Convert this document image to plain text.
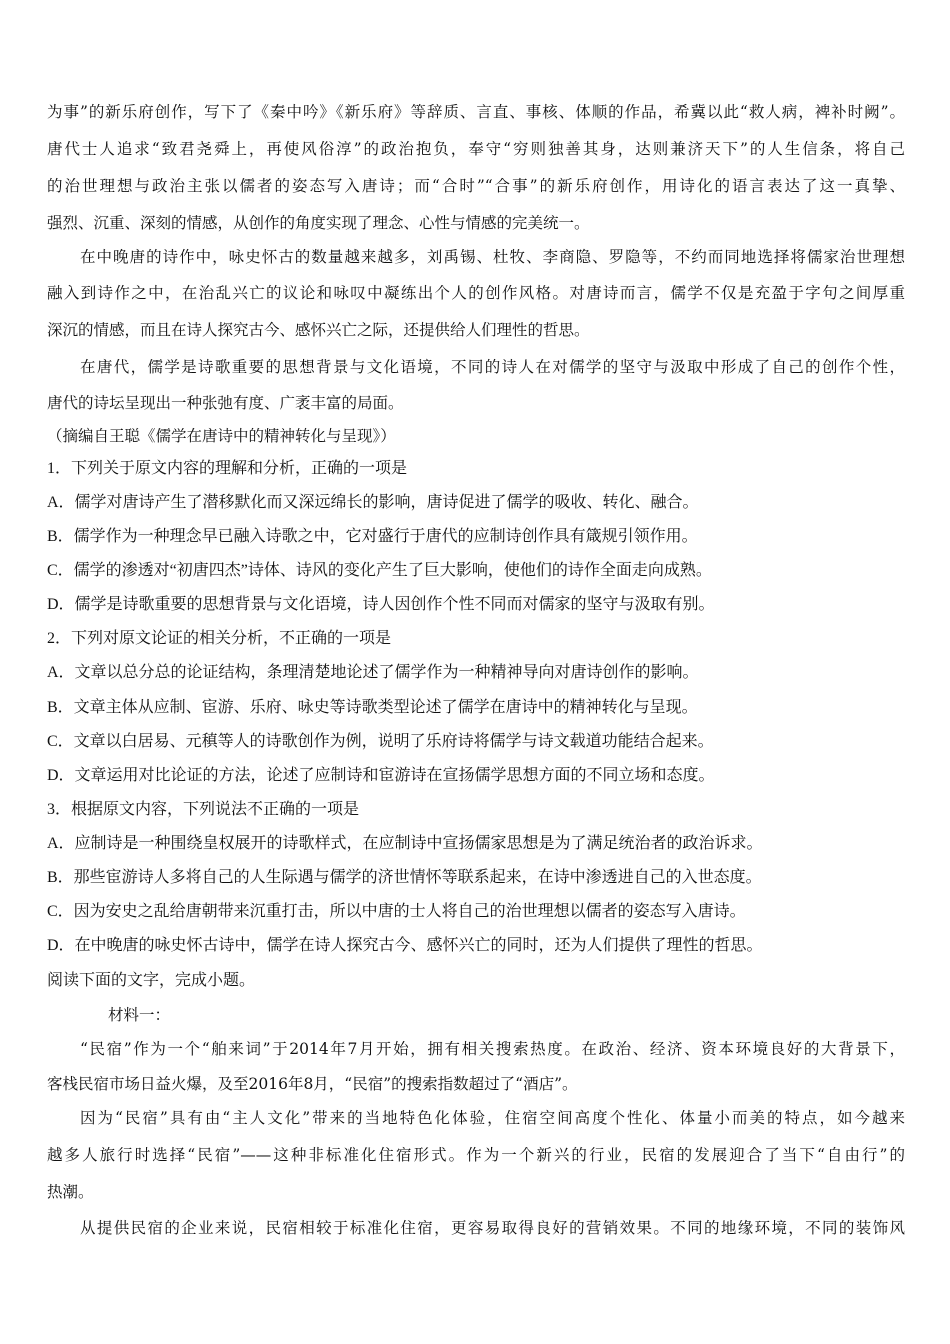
为事”的新乐府创作，写下了《秦中吟》《新乐府》等辞质、言直、事核、体顺的作品，希冀以此“救人病，裨补时阙”。

唐代士人追求“致君尧舜上，再使风俗淳”的政治抱负，奉守“穷则独善其身，达则兼济天下”的人生信条，将自己

的治世理想与政治主张以儒者的姿态写入唐诗；而“合时”“合事”的新乐府创作，用诗化的语言表达了这一真挚、

强烈、沉重、深刻的情感，从创作的角度实现了理念、心性与情感的完美统一。

在中晚唐的诗作中，咏史怀古的数量越来越多，刘禹锡、杜牧、李商隐、罗隐等，不约而同地选择将儒家治世理想

融入到诗作之中，在治乱兴亡的议论和咏叹中凝练出个人的创作风格。对唐诗而言，儒学不仅是充盈于字句之间厚重

深沉的情感，而且在诗人探究古今、感怀兴亡之际，还提供给人们理性的哲思。

在唐代，儒学是诗歌重要的思想背景与文化语境，不同的诗人在对儒学的坚守与汲取中形成了自己的创作个性，

唐代的诗坛呈现出一种张弛有度、广袤丰富的局面。

（摘编自王聪《儒学在唐诗中的精神转化与呈现》）

1．下列关于原文内容的理解和分析，正确的一项是

A．儒学对唐诗产生了潜移默化而又深远绵长的影响，唐诗促进了儒学的吸收、转化、融合。

B．儒学作为一种理念早已融入诗歌之中，它对盛行于唐代的应制诗创作具有箴规引领作用。

C．儒学的渗透对“初唐四杰”诗体、诗风的变化产生了巨大影响，使他们的诗作全面走向成熟。

D．儒学是诗歌重要的思想背景与文化语境，诗人因创作个性不同而对儒家的坚守与汲取有别。

2．下列对原文论证的相关分析，不正确的一项是

A．文章以总分总的论证结构，条理清楚地论述了儒学作为一种精神导向对唐诗创作的影响。

B．文章主体从应制、宦游、乐府、咏史等诗歌类型论述了儒学在唐诗中的精神转化与呈现。

C．文章以白居易、元稹等人的诗歌创作为例，说明了乐府诗将儒学与诗文载道功能结合起来。

D．文章运用对比论证的方法，论述了应制诗和宦游诗在宣扬儒学思想方面的不同立场和态度。

3．根据原文内容，下列说法不正确的一项是

A．应制诗是一种围绕皇权展开的诗歌样式，在应制诗中宣扬儒家思想是为了满足统治者的政治诉求。

B．那些宦游诗人多将自己的人生际遇与儒学的济世情怀等联系起来，在诗中渗透进自己的入世态度。

C．因为安史之乱给唐朝带来沉重打击，所以中唐的士人将自己的治世理想以儒者的姿态写入唐诗。

D．在中晚唐的咏史怀古诗中，儒学在诗人探究古今、感怀兴亡的同时，还为人们提供了理性的哲思。

阅读下面的文字，完成小题。

材料一：

“民宿”作为一个“舶来词”于2014年7月开始，拥有相关搜索热度。在政治、经济、资本环境良好的大背景下，

客栈民宿市场日益火爆，及至2016年8月，“民宿”的搜索指数超过了“酒店”。

因为“民宿”具有由“主人文化”带来的当地特色化体验，住宿空间高度个性化、体量小而美的特点，如今越来

越多人旅行时选择“民宿”——这种非标准化住宿形式。作为一个新兴的行业，民宿的发展迎合了当下“自由行”的

热潮。

从提供民宿的企业来说，民宿相较于标准化住宿，更容易取得良好的营销效果。不同的地缘环境，不同的装饰风
